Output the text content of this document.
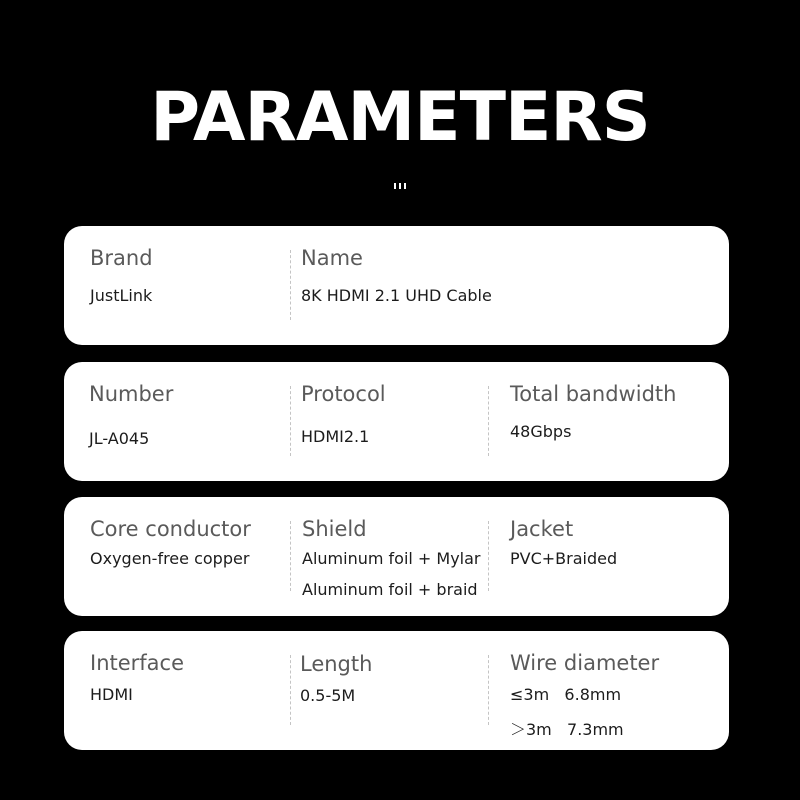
PARAMETERS
Brand
JustLink
Name
8K HDMI 2.1 UHD Cable
Number
JL-A045
Protocol
HDMI2.1
Total bandwidth
48Gbps
Core conductor
Oxygen-free copper
Shield
Aluminum foil + Mylar
Aluminum foil + braid
Jacket
PVC+Braided
Interface
HDMI
Length
0.5-5M
Wire diameter
≤3m   6.8mm
＞3m   7.3mm
